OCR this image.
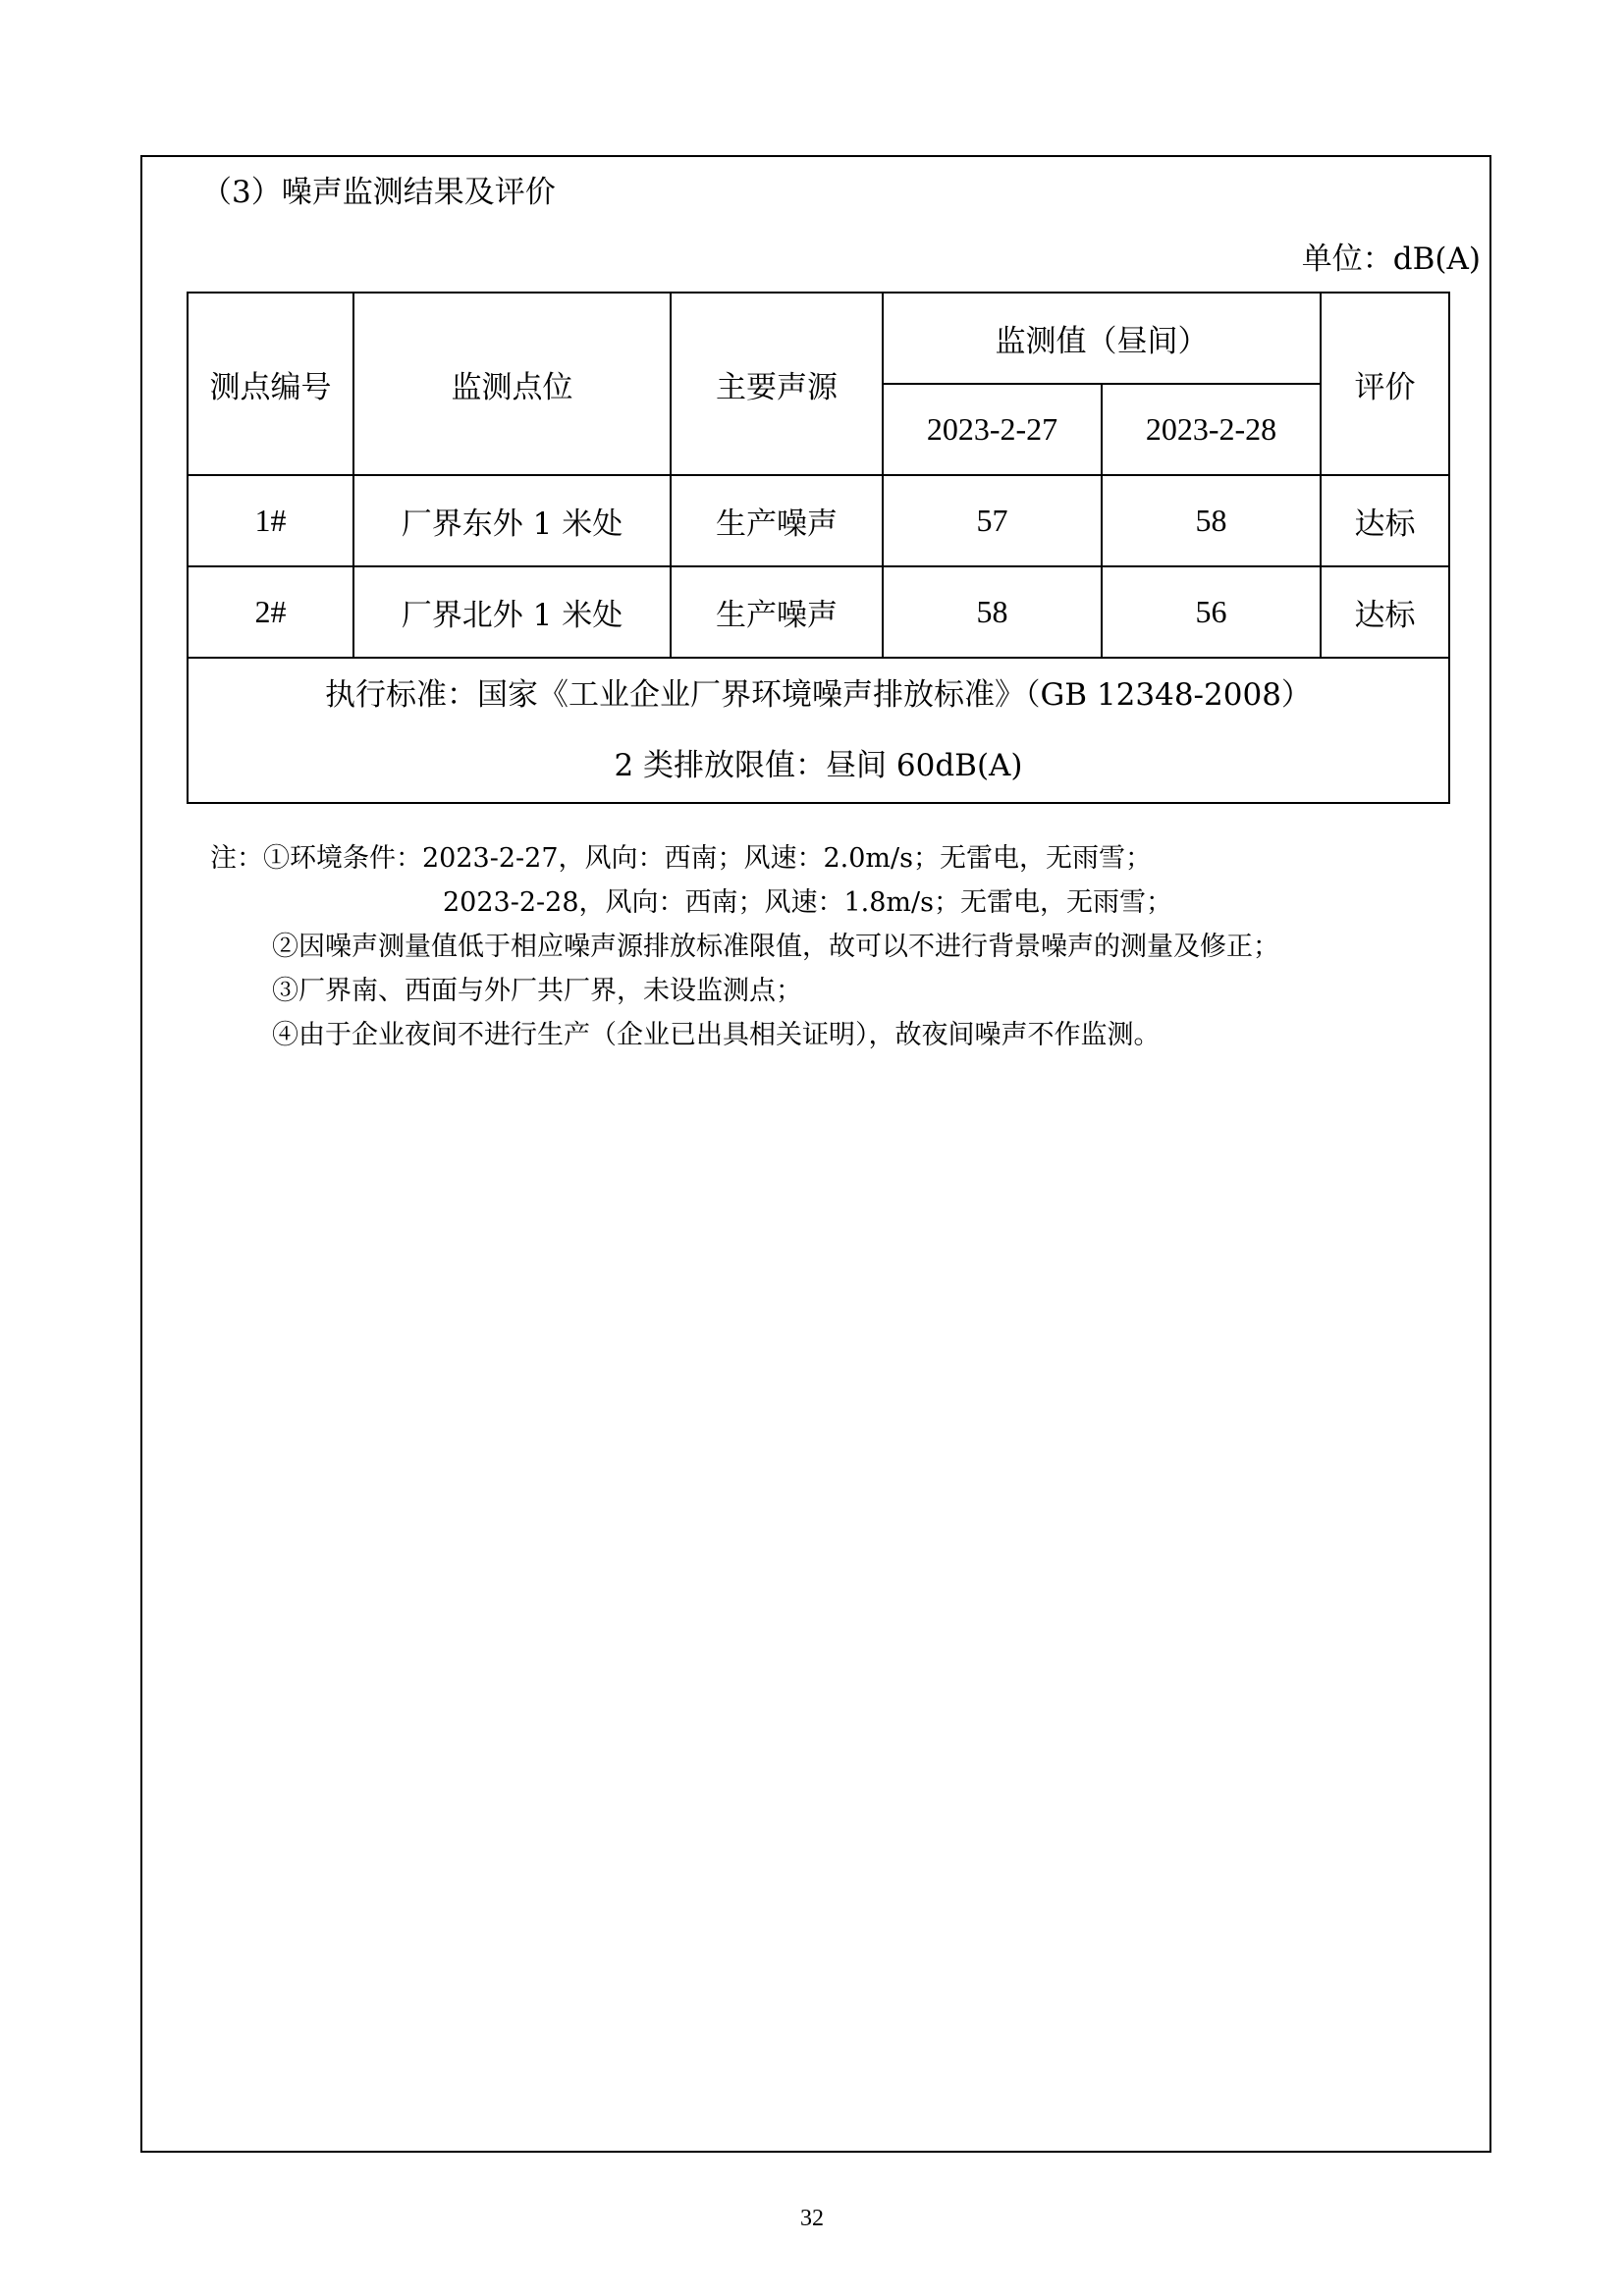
（3）噪声监测结果及评价
单位：dB(A)
测点编号	监测点位	主要声源	监测值（昼间）		评价
			2023-2-27	2023-2-28	
1#	厂界东外 1 米处	生产噪声	57	58	达标
2#	厂界北外 1 米处	生产噪声	58	56	达标

执行标准：国家《工业企业厂界环境噪声排放标准》（GB 12348-2008）
2 类排放限值：昼间 60dB(A)					
注：①环境条件：2023-2-27，风向：西南；风速：2.0m/s；无雷电，无雨雪；
2023-2-28，风向：西南；风速：1.8m/s；无雷电，无雨雪；
②因噪声测量值低于相应噪声源排放标准限值，故可以不进行背景噪声的测量及修正；
③厂界南、西面与外厂共厂界，未设监测点；
④由于企业夜间不进行生产（企业已出具相关证明），故夜间噪声不作监测。
32
